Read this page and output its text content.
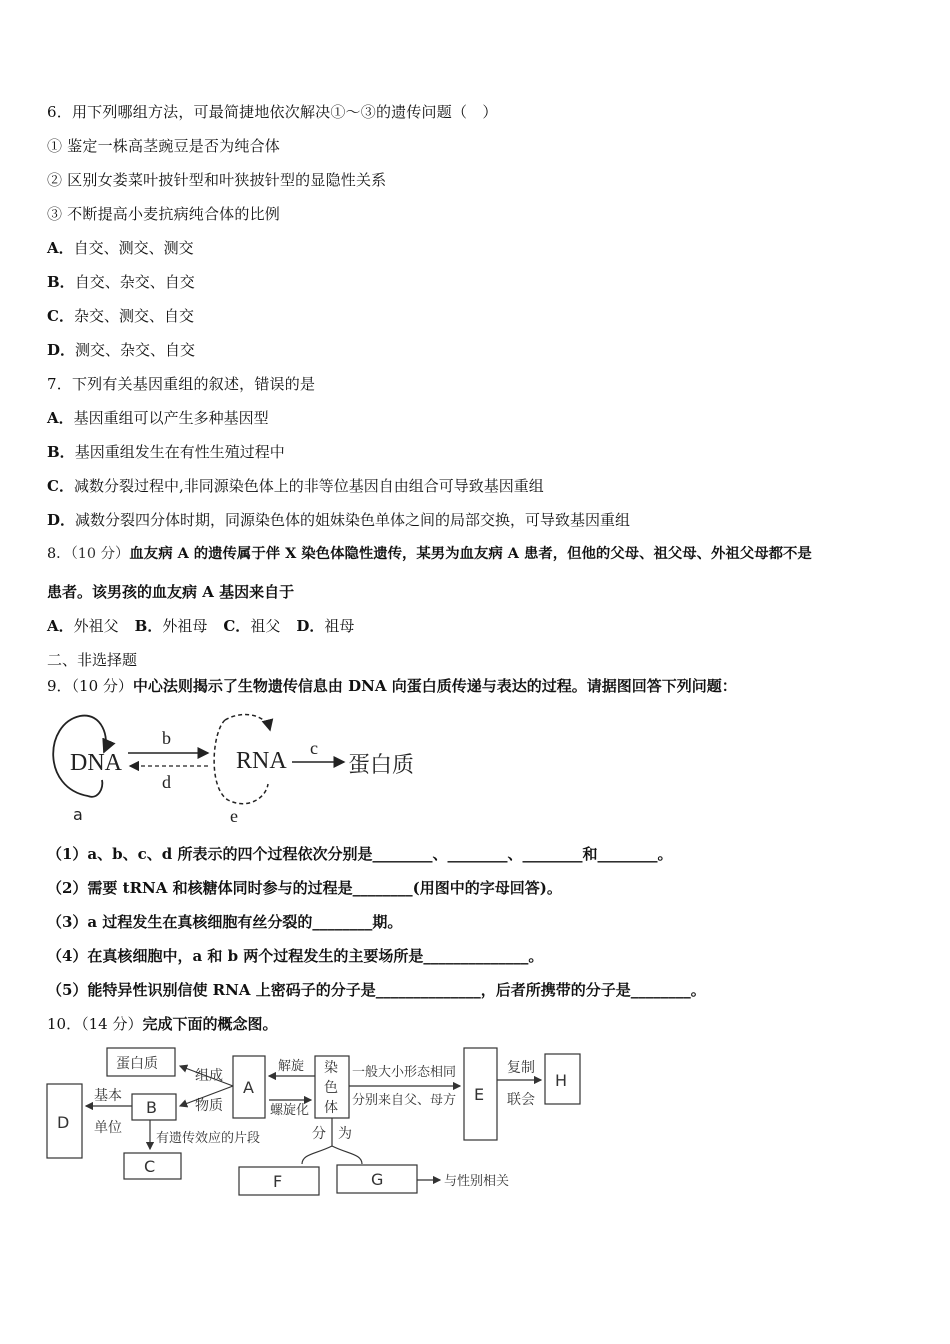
6．用下列哪组方法，可最简捷地依次解决①～③的遗传问题（　）
① 鉴定一株高茎豌豆是否为纯合体
② 区别女娄菜叶披针型和叶狭披针型的显隐性关系
③ 不断提高小麦抗病纯合体的比例
A．自交、测交、测交
B．自交、杂交、自交
C．杂交、测交、自交
D．测交、杂交、自交
7．下列有关基因重组的叙述，错误的是
A．基因重组可以产生多种基因型
B．基因重组发生在有性生殖过程中
C．减数分裂过程中,非同源染色体上的非等位基因自由组合可导致基因重组
D．减数分裂四分体时期，同源染色体的姐妹染色单体之间的局部交换，可导致基因重组
8．（10 分）血友病 A 的遗传属于伴 X 染色体隐性遗传，某男为血友病 A 患者，但他的父母、祖父母、外祖父母都不是
患者。该男孩的血友病 A 基因来自于
A．外祖父 B．外祖母 C．祖父 D．祖母
二、非选择题
9．（10 分）中心法则揭示了生物遗传信息由 DNA 向蛋白质传递与表达的过程。请据图回答下列问题：
DNA
a
b
d
RNA
e
c
蛋白质
（1）a、b、c、d 所表示的四个过程依次分别是________、________、________和________。
（2）需要 tRNA 和核糖体同时参与的过程是________(用图中的字母回答)。
（3）a 过程发生在真核细胞有丝分裂的________期。
（4）在真核细胞中，a 和 b 两个过程发生的主要场所是______________。
（5）能特异性识别信使 RNA 上密码子的分子是______________，后者所携带的分子是________。
10．（14 分）完成下面的概念图。
蛋白质
组成
物质
A
B
基本
单位
D
有遗传效应的片段
C
解旋
螺旋化
染
色
体
一般大小形态相同
分别来自父、母方 E
复制
联会
H
分 为
F	G	与性别相关
